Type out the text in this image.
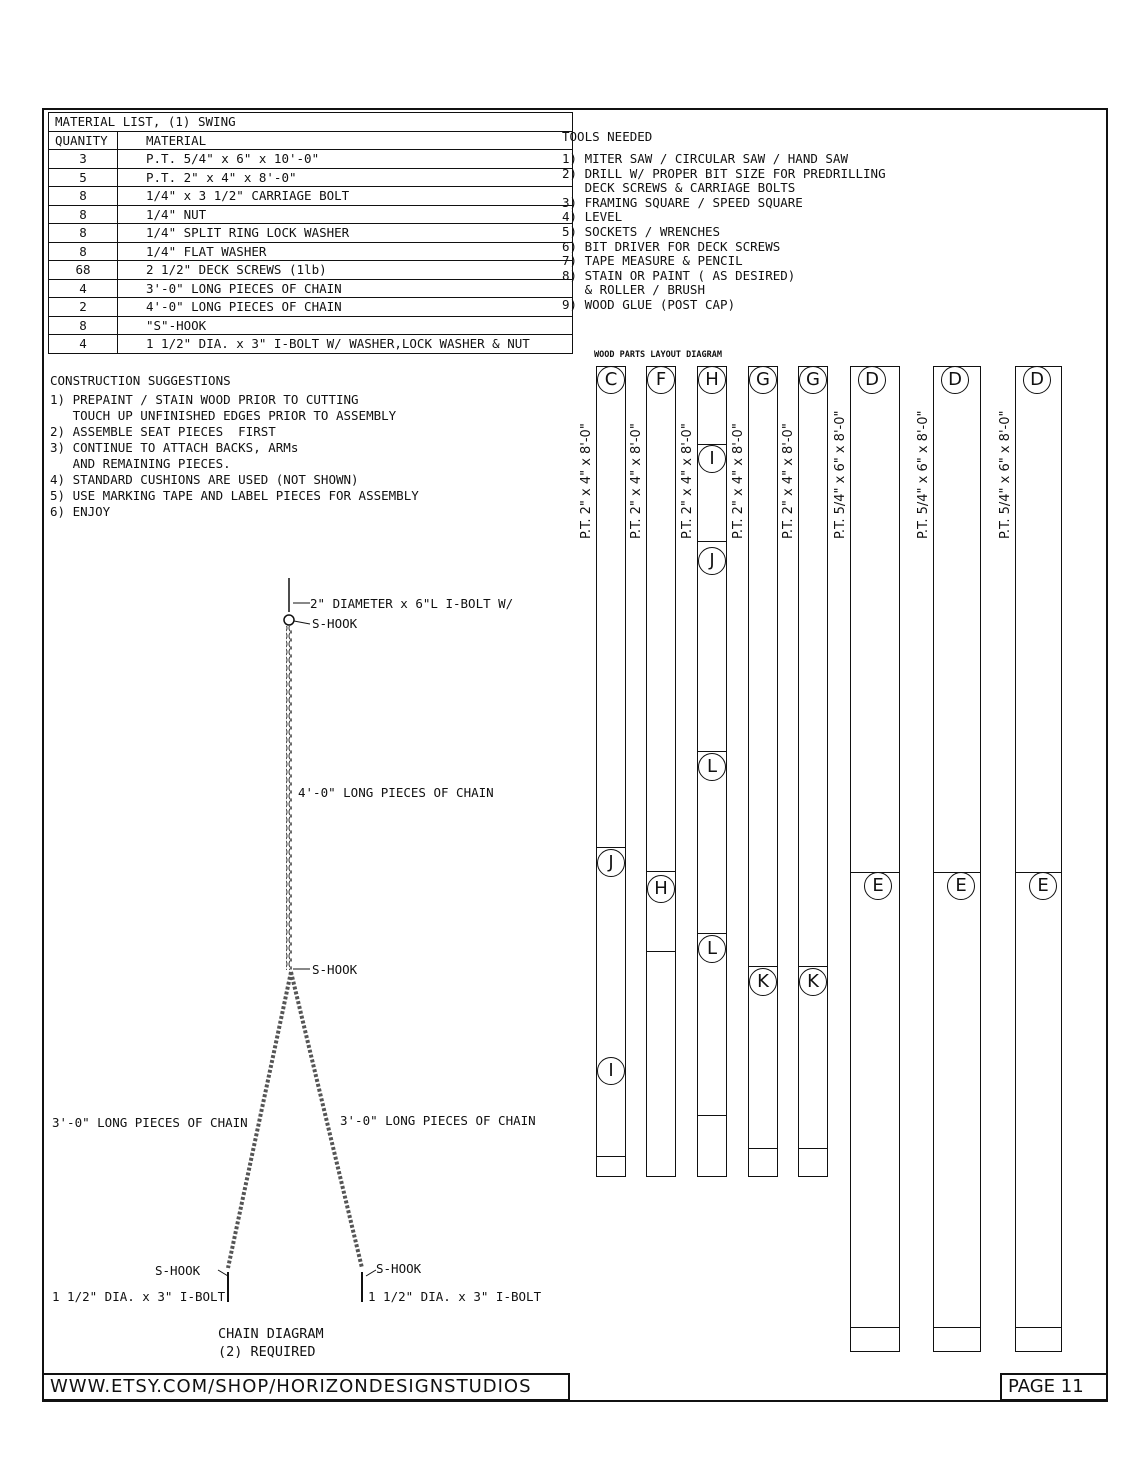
MATERIAL LIST, (1) SWING	
QUANITY	MATERIAL
3	P.T. 5/4" x 6" x 10'-0"
5	P.T. 2" x 4" x 8'-0"
8	1/4" x 3 1/2" CARRIAGE BOLT
8	1/4" NUT
8	1/4" SPLIT RING LOCK WASHER
8	1/4" FLAT WASHER
68	2 1/2" DECK SCREWS (1lb)
4	3'-0" LONG PIECES OF CHAIN
2	4'-0" LONG PIECES OF CHAIN
8	"S"-HOOK
4	1 1/2" DIA. x 3" I-BOLT W/ WASHER,LOCK WASHER & NUT
TOOLS NEEDED
1) MITER SAW / CIRCULAR SAW / HAND SAW
2) DRILL W/ PROPER BIT SIZE FOR PREDRILLING
DECK SCREWS & CARRIAGE BOLTS
3) FRAMING SQUARE / SPEED SQUARE
4) LEVEL
5) SOCKETS / WRENCHES
6) BIT DRIVER FOR DECK SCREWS
7) TAPE MEASURE & PENCIL
8) STAIN OR PAINT ( AS DESIRED)
& ROLLER / BRUSH
9) WOOD GLUE (POST CAP)
CONSTRUCTION SUGGESTIONS
1) PREPAINT / STAIN WOOD PRIOR TO CUTTING
TOUCH UP UNFINISHED EDGES PRIOR TO ASSEMBLY
2) ASSEMBLE SEAT PIECES  FIRST
3) CONTINUE TO ATTACH BACKS, ARMs
AND REMAINING PIECES.
4) STANDARD CUSHIONS ARE USED (NOT SHOWN)
5) USE MARKING TAPE AND LABEL PIECES FOR ASSEMBLY
6) ENJOY
2" DIAMETER x 6"L I-BOLT W/
S-HOOK
4'-0" LONG PIECES OF CHAIN
S-HOOK
3'-0" LONG PIECES OF CHAIN	3'-0" LONG PIECES OF CHAIN
S-HOOK	S-HOOK
1 1/2" DIA. x 3" I-BOLT	1 1/2" DIA. x 3" I-BOLT
CHAIN DIAGRAM
(2) REQUIRED
WOOD PARTS LAYOUT DIAGRAM
C
J
I
P.T. 2" x 4" x 8'-0"
F
H
P.T. 2" x 4" x 8'-0"
H
I
J
L
L
P.T. 2" x 4" x 8'-0"
G
K
P.T. 2" x 4" x 8'-0"
G
K
P.T. 2" x 4" x 8'-0"
D
E
P.T. 5/4" x 6" x 8'-0"
D
E
P.T. 5/4" x 6" x 8'-0"
D
E
P.T. 5/4" x 6" x 8'-0"
WWW.ETSY.COM/SHOP/HORIZONDESIGNSTUDIOS	PAGE 11
